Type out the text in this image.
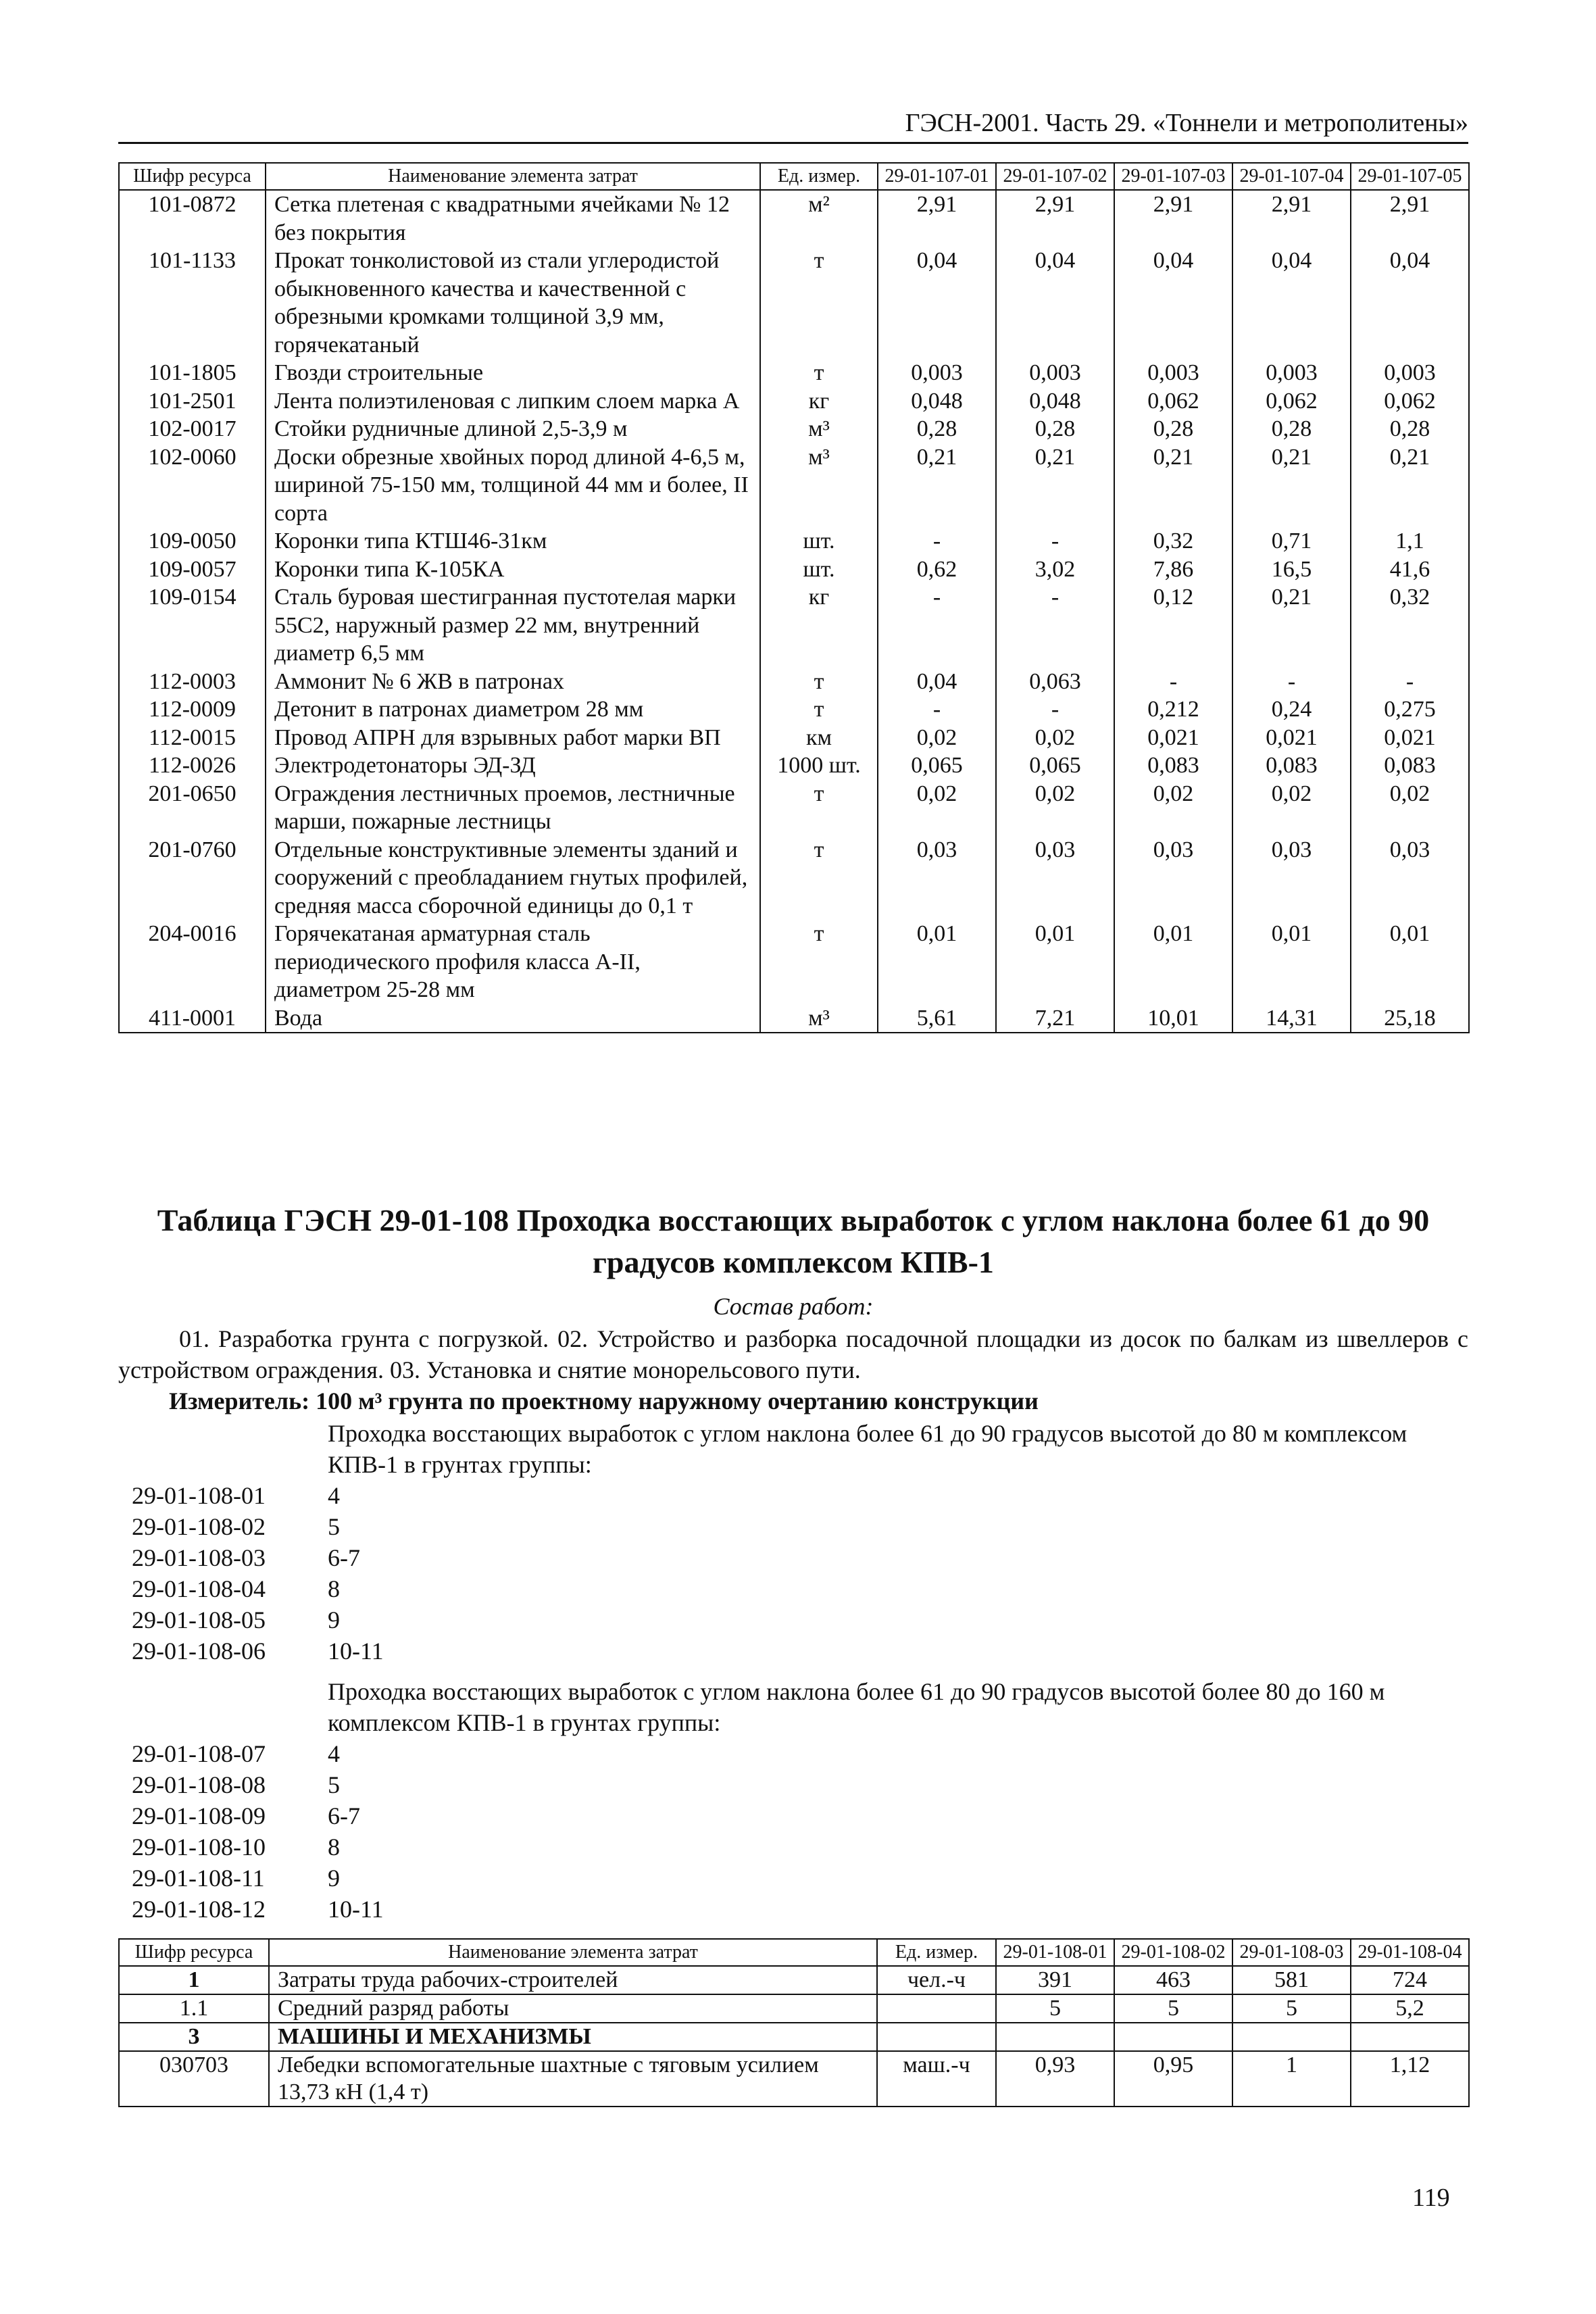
ГЭСН-2001. Часть 29. «Тоннели и метрополитены»
Шифр ресурса	Наименование элемента затрат	Ед. измер.	29-01-107-01	29-01-107-02	29-01-107-03	29-01-107-04	29-01-107-05
101-0872	Сетка плетеная с квадратными ячейками № 12 без покрытия	м²	2,91	2,91	2,91	2,91	2,91
101-1133	Прокат тонколистовой из стали углеродистой обыкновенного качества и качественной с обрезными кромками толщиной 3,9 мм, горячекатаный	т	0,04	0,04	0,04	0,04	0,04
101-1805	Гвозди строительные	т	0,003	0,003	0,003	0,003	0,003
101-2501	Лента полиэтиленовая с липким слоем марка А	кг	0,048	0,048	0,062	0,062	0,062
102-0017	Стойки рудничные длиной 2,5-3,9 м	м³	0,28	0,28	0,28	0,28	0,28
102-0060	Доски обрезные хвойных пород длиной 4-6,5 м, шириной 75-150 мм, толщиной 44 мм и более, II сорта	м³	0,21	0,21	0,21	0,21	0,21
109-0050	Коронки типа КТШ46-31км	шт.	-	-	0,32	0,71	1,1
109-0057	Коронки типа К-105КА	шт.	0,62	3,02	7,86	16,5	41,6
109-0154	Сталь буровая шестигранная пустотелая марки 55С2, наружный размер 22 мм, внутренний диаметр 6,5 мм	кг	-	-	0,12	0,21	0,32
112-0003	Аммонит № 6 ЖВ в патронах	т	0,04	0,063	-	-	-
112-0009	Детонит в патронах диаметром 28 мм	т	-	-	0,212	0,24	0,275
112-0015	Провод АПРН для взрывных работ марки ВП	км	0,02	0,02	0,021	0,021	0,021
112-0026	Электродетонаторы ЭД-ЗД	1000 шт.	0,065	0,065	0,083	0,083	0,083
201-0650	Ограждения лестничных проемов, лестничные марши, пожарные лестницы	т	0,02	0,02	0,02	0,02	0,02
201-0760	Отдельные конструктивные элементы зданий и сооружений с преобладанием гнутых профилей, средняя масса сборочной единицы до 0,1 т	т	0,03	0,03	0,03	0,03	0,03
204-0016	Горячекатаная арматурная сталь периодического профиля класса А-II, диаметром 25-28 мм	т	0,01	0,01	0,01	0,01	0,01
411-0001	Вода	м³	5,61	7,21	10,01	14,31	25,18
Таблица ГЭСН 29-01-108 Проходка восстающих выработок с углом наклона более 61 до 90 градусов комплексом КПВ-1
Состав работ:
01. Разработка грунта с погрузкой. 02. Устройство и разборка посадочной площадки из досок по балкам из швеллеров с устройством ограждения. 03. Установка и снятие монорельсового пути.
Измеритель: 100 м³ грунта по проектному наружному очертанию конструкции
Проходка восстающих выработок с углом наклона более 61 до 90 градусов высотой до 80 м комплексом КПВ-1 в грунтах группы:
29-01-108-01	4
29-01-108-02	5
29-01-108-03	6-7
29-01-108-04	8
29-01-108-05	9
29-01-108-06	10-11
Проходка восстающих выработок с углом наклона более 61 до 90 градусов высотой более 80 до 160 м комплексом КПВ-1 в грунтах группы:
29-01-108-07	4
29-01-108-08	5
29-01-108-09	6-7
29-01-108-10	8
29-01-108-11	9
29-01-108-12	10-11
Шифр ресурса	Наименование элемента затрат	Ед. измер.	29-01-108-01	29-01-108-02	29-01-108-03	29-01-108-04
1	Затраты труда рабочих-строителей	чел.-ч	391	463	581	724
1.1	Средний разряд работы		5	5	5	5,2
3	МАШИНЫ И МЕХАНИЗМЫ					
030703	Лебедки вспомогательные шахтные с тяговым усилием 13,73 кН (1,4 т)	маш.-ч	0,93	0,95	1	1,12
119
